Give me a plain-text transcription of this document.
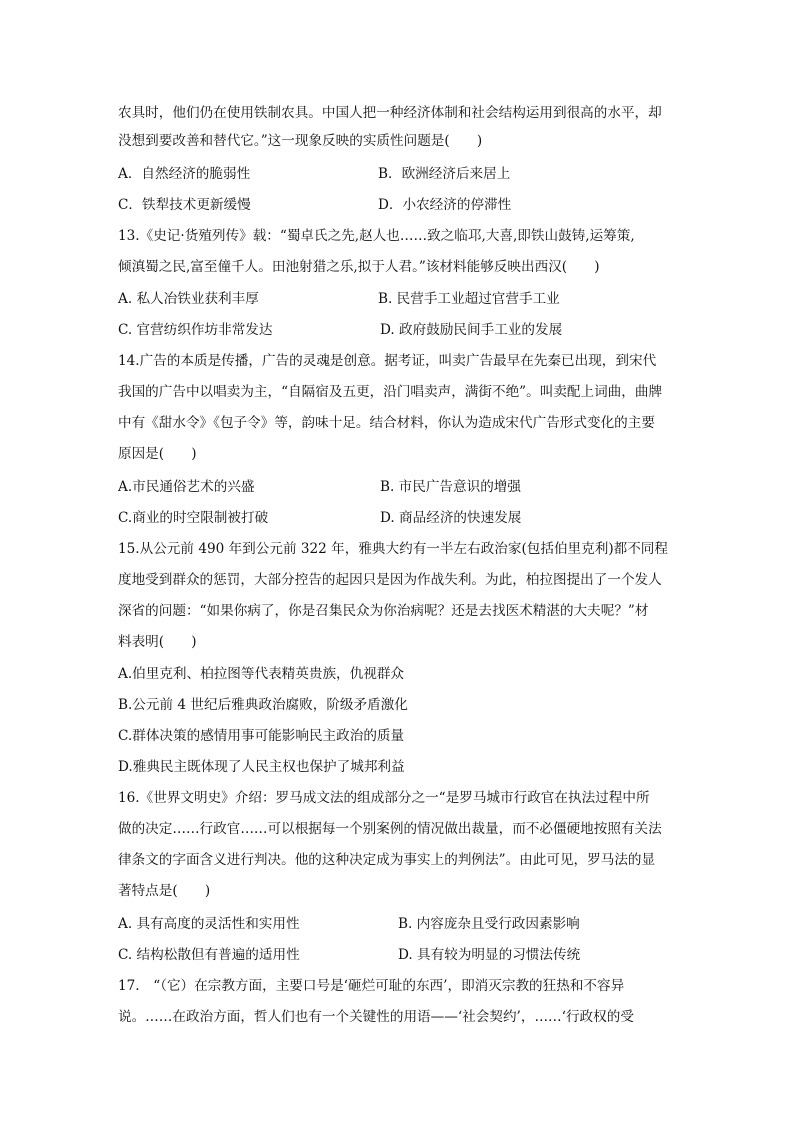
农具时，他们仍在使用铁制农具。中国人把一种经济体制和社会结构运用到很高的水平，却
没想到要改善和替代它。”这一现象反映的实质性问题是(　　)
A．自然经济的脆弱性	B．欧洲经济后来居上
C．铁犁技术更新缓慢	D．小农经济的停滞性
13.《史记·货殖列传》载：“蜀卓氏之先,赵人也……致之临邛,大喜,即铁山鼓铸,运筹策,
倾滇蜀之民,富至僮千人。田池射猎之乐,拟于人君。”该材料能够反映出西汉(　　)
A. 私人冶铁业获利丰厚	B. 民营手工业超过官营手工业
C. 官营纺织作坊非常发达	D. 政府鼓励民间手工业的发展
14.广告的本质是传播，广告的灵魂是创意。据考证，叫卖广告最早在先秦已出现，到宋代
我国的广告中以唱卖为主，“自隔宿及五更，沿门唱卖声，满街不绝”。叫卖配上词曲，曲牌
中有《甜水令》《包子令》等，韵味十足。结合材料，你认为造成宋代广告形式变化的主要
原因是(　　)
A.市民通俗艺术的兴盛	B. 市民广告意识的增强
C.商业的时空限制被打破	D. 商品经济的快速发展
15.从公元前 490 年到公元前 322 年，雅典大约有一半左右政治家(包括伯里克利)都不同程
度地受到群众的惩罚，大部分控告的起因只是因为作战失利。为此，柏拉图提出了一个发人
深省的问题：“如果你病了，你是召集民众为你治病呢？还是去找医术精湛的大夫呢？”材
料表明(　　)
A.伯里克利、柏拉图等代表精英贵族，仇视群众
B.公元前 4 世纪后雅典政治腐败，阶级矛盾激化
C.群体决策的感情用事可能影响民主政治的质量
D.雅典民主既体现了人民主权也保护了城邦利益
16.《世界文明史》介绍：罗马成文法的组成部分之一“是罗马城市行政官在执法过程中所
做的决定……行政官……可以根据每一个别案例的情况做出裁量，而不必僵硬地按照有关法
律条文的字面含义进行判决。他的这种决定成为事实上的判例法”。由此可见，罗马法的显
著特点是(　　)
A. 具有高度的灵活性和实用性	B. 内容庞杂且受行政因素影响
C. 结构松散但有普遍的适用性	D. 具有较为明显的习惯法传统
17.　“（它）在宗教方面，主要口号是‘砸烂可耻的东西’，即消灭宗教的狂热和不容异
说。……在政治方面，哲人们也有一个关键性的用语——‘社会契约’，……‘行政权的受
